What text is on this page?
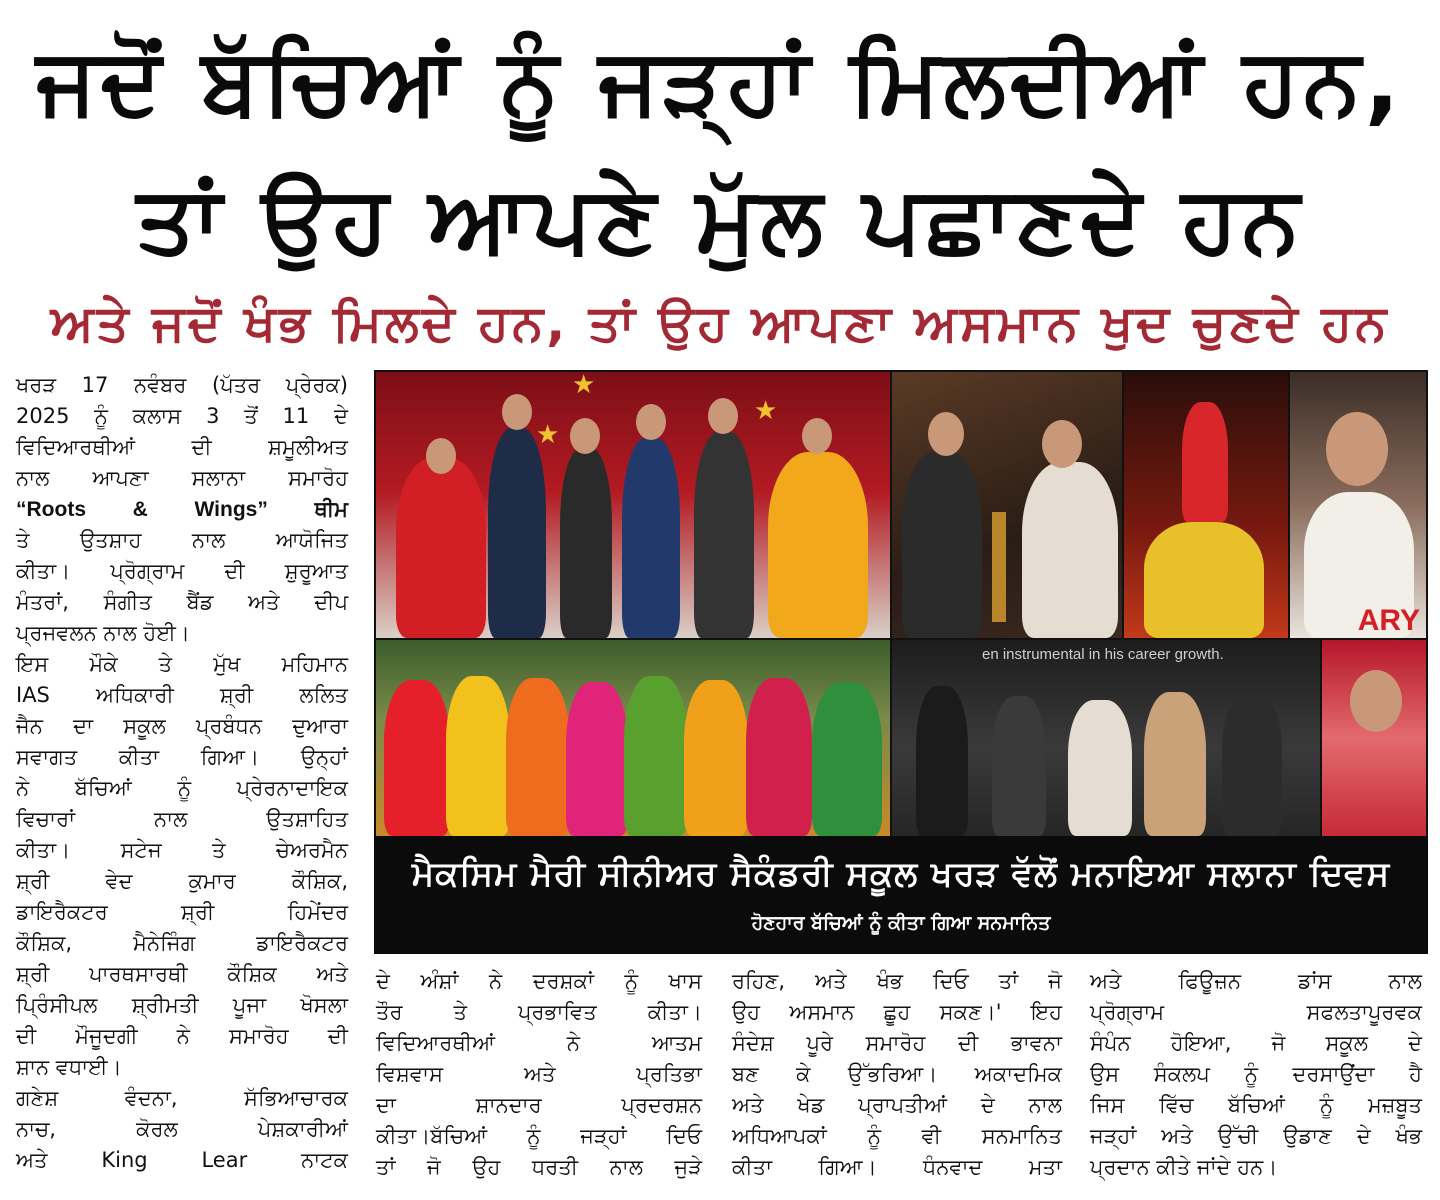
ਜਦੋਂ ਬੱਚਿਆਂ ਨੂੰ ਜੜ੍ਹਾਂ ਮਿਲਦੀਆਂ ਹਨ,
ਤਾਂ ਉਹ ਆਪਣੇ ਮੁੱਲ ਪਛਾਣਦੇ ਹਨ
ਅਤੇ ਜਦੋਂ ਖੰਭ ਮਿਲਦੇ ਹਨ, ਤਾਂ ਉਹ ਆਪਣਾ ਅਸਮਾਨ ਖੁਦ ਚੁਣਦੇ ਹਨ

ਖਰੜ 17 ਨਵੰਬਰ (ਪੱਤਰ ਪ੍ਰੇਰਕ)

2025 ਨੂੰ ਕਲਾਸ 3 ਤੋਂ 11 ਦੇ

ਵਿਦਿਆਰਥੀਆਂ ਦੀ ਸ਼ਮੂਲੀਅਤ

ਨਾਲ ਆਪਣਾ ਸਲਾਨਾ ਸਮਾਰੋਹ

“Roots & Wings” ਥੀਮ

ਤੇ ਉਤਸ਼ਾਹ ਨਾਲ ਆਯੋਜਿਤ

ਕੀਤਾ। ਪ੍ਰੋਗ੍ਰਾਮ ਦੀ ਸ਼ੁਰੂਆਤ

ਮੰਤਰਾਂ, ਸੰਗੀਤ ਬੈਂਡ ਅਤੇ ਦੀਪ

ਪ੍ਰਜਵਲਨ ਨਾਲ ਹੋਈ।

ਇਸ ਮੌਕੇ ਤੇ ਮੁੱਖ ਮਹਿਮਾਨ

IAS ਅਧਿਕਾਰੀ ਸ਼੍ਰੀ ਲਲਿਤ

ਜੈਨ ਦਾ ਸਕੂਲ ਪ੍ਰਬੰਧਨ ਦੁਆਰਾ

ਸਵਾਗਤ ਕੀਤਾ ਗਿਆ। ਉਨ੍ਹਾਂ

ਨੇ ਬੱਚਿਆਂ ਨੂੰ ਪ੍ਰੇਰਨਾਦਾਇਕ

ਵਿਚਾਰਾਂ ਨਾਲ ਉਤਸ਼ਾਹਿਤ

ਕੀਤਾ। ਸਟੇਜ ਤੇ ਚੇਅਰਮੈਨ

ਸ਼੍ਰੀ ਵੇਦ ਕੁਮਾਰ ਕੌਸ਼ਿਕ,

ਡਾਇਰੈਕਟਰ ਸ਼੍ਰੀ ਹਿਮੇਂਦਰ

ਕੌਸ਼ਿਕ, ਮੈਨੇਜਿੰਗ ਡਾਇਰੈਕਟਰ

ਸ਼੍ਰੀ ਪਾਰਥਸਾਰਥੀ ਕੌਸ਼ਿਕ ਅਤੇ

ਪ੍ਰਿੰਸੀਪਲ ਸ਼੍ਰੀਮਤੀ ਪੂਜਾ ਖੋਸਲਾ

ਦੀ ਮੌਜੂਦਗੀ ਨੇ ਸਮਾਰੋਹ ਦੀ

ਸ਼ਾਨ ਵਧਾਈ।

ਗਣੇਸ਼ ਵੰਦਨਾ, ਸੱਭਿਆਚਾਰਕ

ਨਾਚ, ਕੋਰਲ ਪੇਸ਼ਕਾਰੀਆਂ

ਅਤੇ King Lear ਨਾਟਕ

★
★
★
ARY
en instrumental in his career growth.
ਮੈਕਸਿਮ ਮੈਰੀ ਸੀਨੀਅਰ ਸੈਕੰਡਰੀ ਸਕੂਲ ਖਰੜ ਵੱਲੋਂ ਮਨਾਇਆ ਸਲਾਨਾ ਦਿਵਸ
ਹੋਣਹਾਰ ਬੱਚਿਆਂ ਨੂੰ ਕੀਤਾ ਗਿਆ ਸਨਮਾਨਿਤ

ਦੇ ਅੰਸ਼ਾਂ ਨੇ ਦਰਸ਼ਕਾਂ ਨੂੰ ਖਾਸ

ਤੌਰ ਤੇ ਪ੍ਰਭਾਵਿਤ ਕੀਤਾ।

ਵਿਦਿਆਰਥੀਆਂ ਨੇ ਆਤਮ

ਵਿਸ਼ਵਾਸ ਅਤੇ ਪ੍ਰਤਿਭਾ

ਦਾ ਸ਼ਾਨਦਾਰ ਪ੍ਰਦਰਸ਼ਨ

ਕੀਤਾ।ਬੱਚਿਆਂ ਨੂੰ ਜੜ੍ਹਾਂ ਦਿਓ

ਤਾਂ ਜੋ ਉਹ ਧਰਤੀ ਨਾਲ ਜੁੜੇ

ਰਹਿਣ, ਅਤੇ ਖੰਭ ਦਿਓ ਤਾਂ ਜੋ

ਉਹ ਅਸਮਾਨ ਛੂਹ ਸਕਣ।' ਇਹ

ਸੰਦੇਸ਼ ਪੂਰੇ ਸਮਾਰੋਹ ਦੀ ਭਾਵਨਾ

ਬਣ ਕੇ ਉੱਭਰਿਆ। ਅਕਾਦਮਿਕ

ਅਤੇ ਖੇਡ ਪ੍ਰਾਪਤੀਆਂ ਦੇ ਨਾਲ

ਅਧਿਆਪਕਾਂ ਨੂੰ ਵੀ ਸਨਮਾਨਿਤ

ਕੀਤਾ ਗਿਆ। ਧੰਨਵਾਦ ਮਤਾ

ਅਤੇ ਫਿਊਜ਼ਨ ਡਾਂਸ ਨਾਲ

ਪ੍ਰੋਗ੍ਰਾਮ ਸਫਲਤਾਪੂਰਵਕ

ਸੰਪੰਨ ਹੋਇਆ, ਜੋ ਸਕੂਲ ਦੇ

ਉਸ ਸੰਕਲਪ ਨੂੰ ਦਰਸਾਉਂਦਾ ਹੈ

ਜਿਸ ਵਿੱਚ ਬੱਚਿਆਂ ਨੂੰ ਮਜ਼ਬੂਤ

ਜੜ੍ਹਾਂ ਅਤੇ ਉੱਚੀ ਉਡਾਣ ਦੇ ਖੰਭ

ਪ੍ਰਦਾਨ ਕੀਤੇ ਜਾਂਦੇ ਹਨ।
